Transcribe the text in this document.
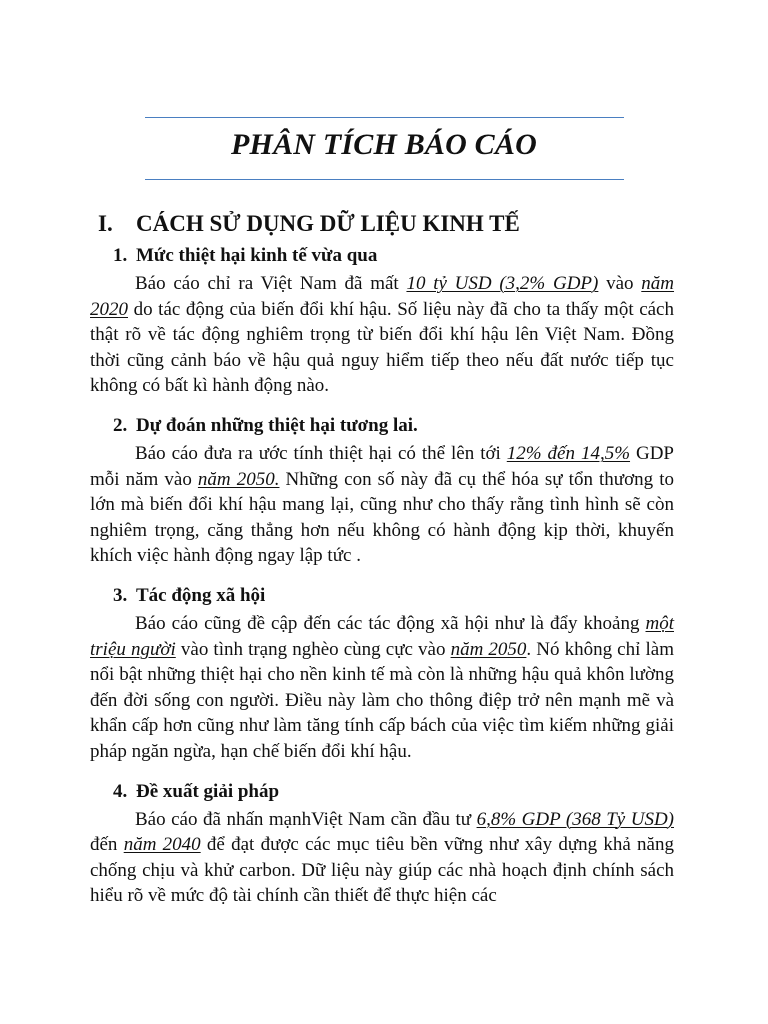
PHÂN TÍCH BÁO CÁO
I. CÁCH SỬ DỤNG DỮ LIỆU KINH TẾ
1. Mức thiệt hại kinh tế vừa qua

Báo cáo chỉ ra Việt Nam đã mất 10 tỷ USD (3,2% GDP) vào năm 2020 do tác động của biến đổi khí hậu. Số liệu này đã cho ta thấy một cách thật rõ về tác động nghiêm trọng từ biến đổi khí hậu lên Việt Nam. Đồng thời cũng cảnh báo về hậu quả nguy hiểm tiếp theo nếu đất nước tiếp tục không có bất kì hành động nào.

2. Dự đoán những thiệt hại tương lai.

Báo cáo đưa ra ước tính thiệt hại có thể lên tới 12% đến 14,5% GDP mỗi năm vào năm 2050. Những con số này đã cụ thể hóa sự tổn thương to lớn mà biến đổi khí hậu mang lại, cũng như cho thấy rằng tình hình sẽ còn nghiêm trọng, căng thẳng hơn nếu không có hành động kịp thời, khuyến khích việc hành động ngay lập tức .

3. Tác động xã hội

Báo cáo cũng đề cập đến các tác động xã hội như là đẩy khoảng một triệu người vào tình trạng nghèo cùng cực vào năm 2050. Nó không chỉ làm nổi bật những thiệt hại cho nền kinh tế mà còn là những hậu quả khôn lường đến đời sống con người. Điều này làm cho thông điệp trở nên mạnh mẽ và khẩn cấp hơn cũng như làm tăng tính cấp bách của việc tìm kiếm những giải pháp ngăn ngừa, hạn chế biến đổi khí hậu.

4. Đề xuất giải pháp

Báo cáo đã nhấn mạnhViệt Nam cần đầu tư 6,8% GDP (368 Tỷ USD) đến năm 2040 để đạt được các mục tiêu bền vững như xây dựng khả năng chống chịu và khử carbon. Dữ liệu này giúp các nhà hoạch định chính sách hiểu rõ về mức độ tài chính cần thiết để thực hiện các
